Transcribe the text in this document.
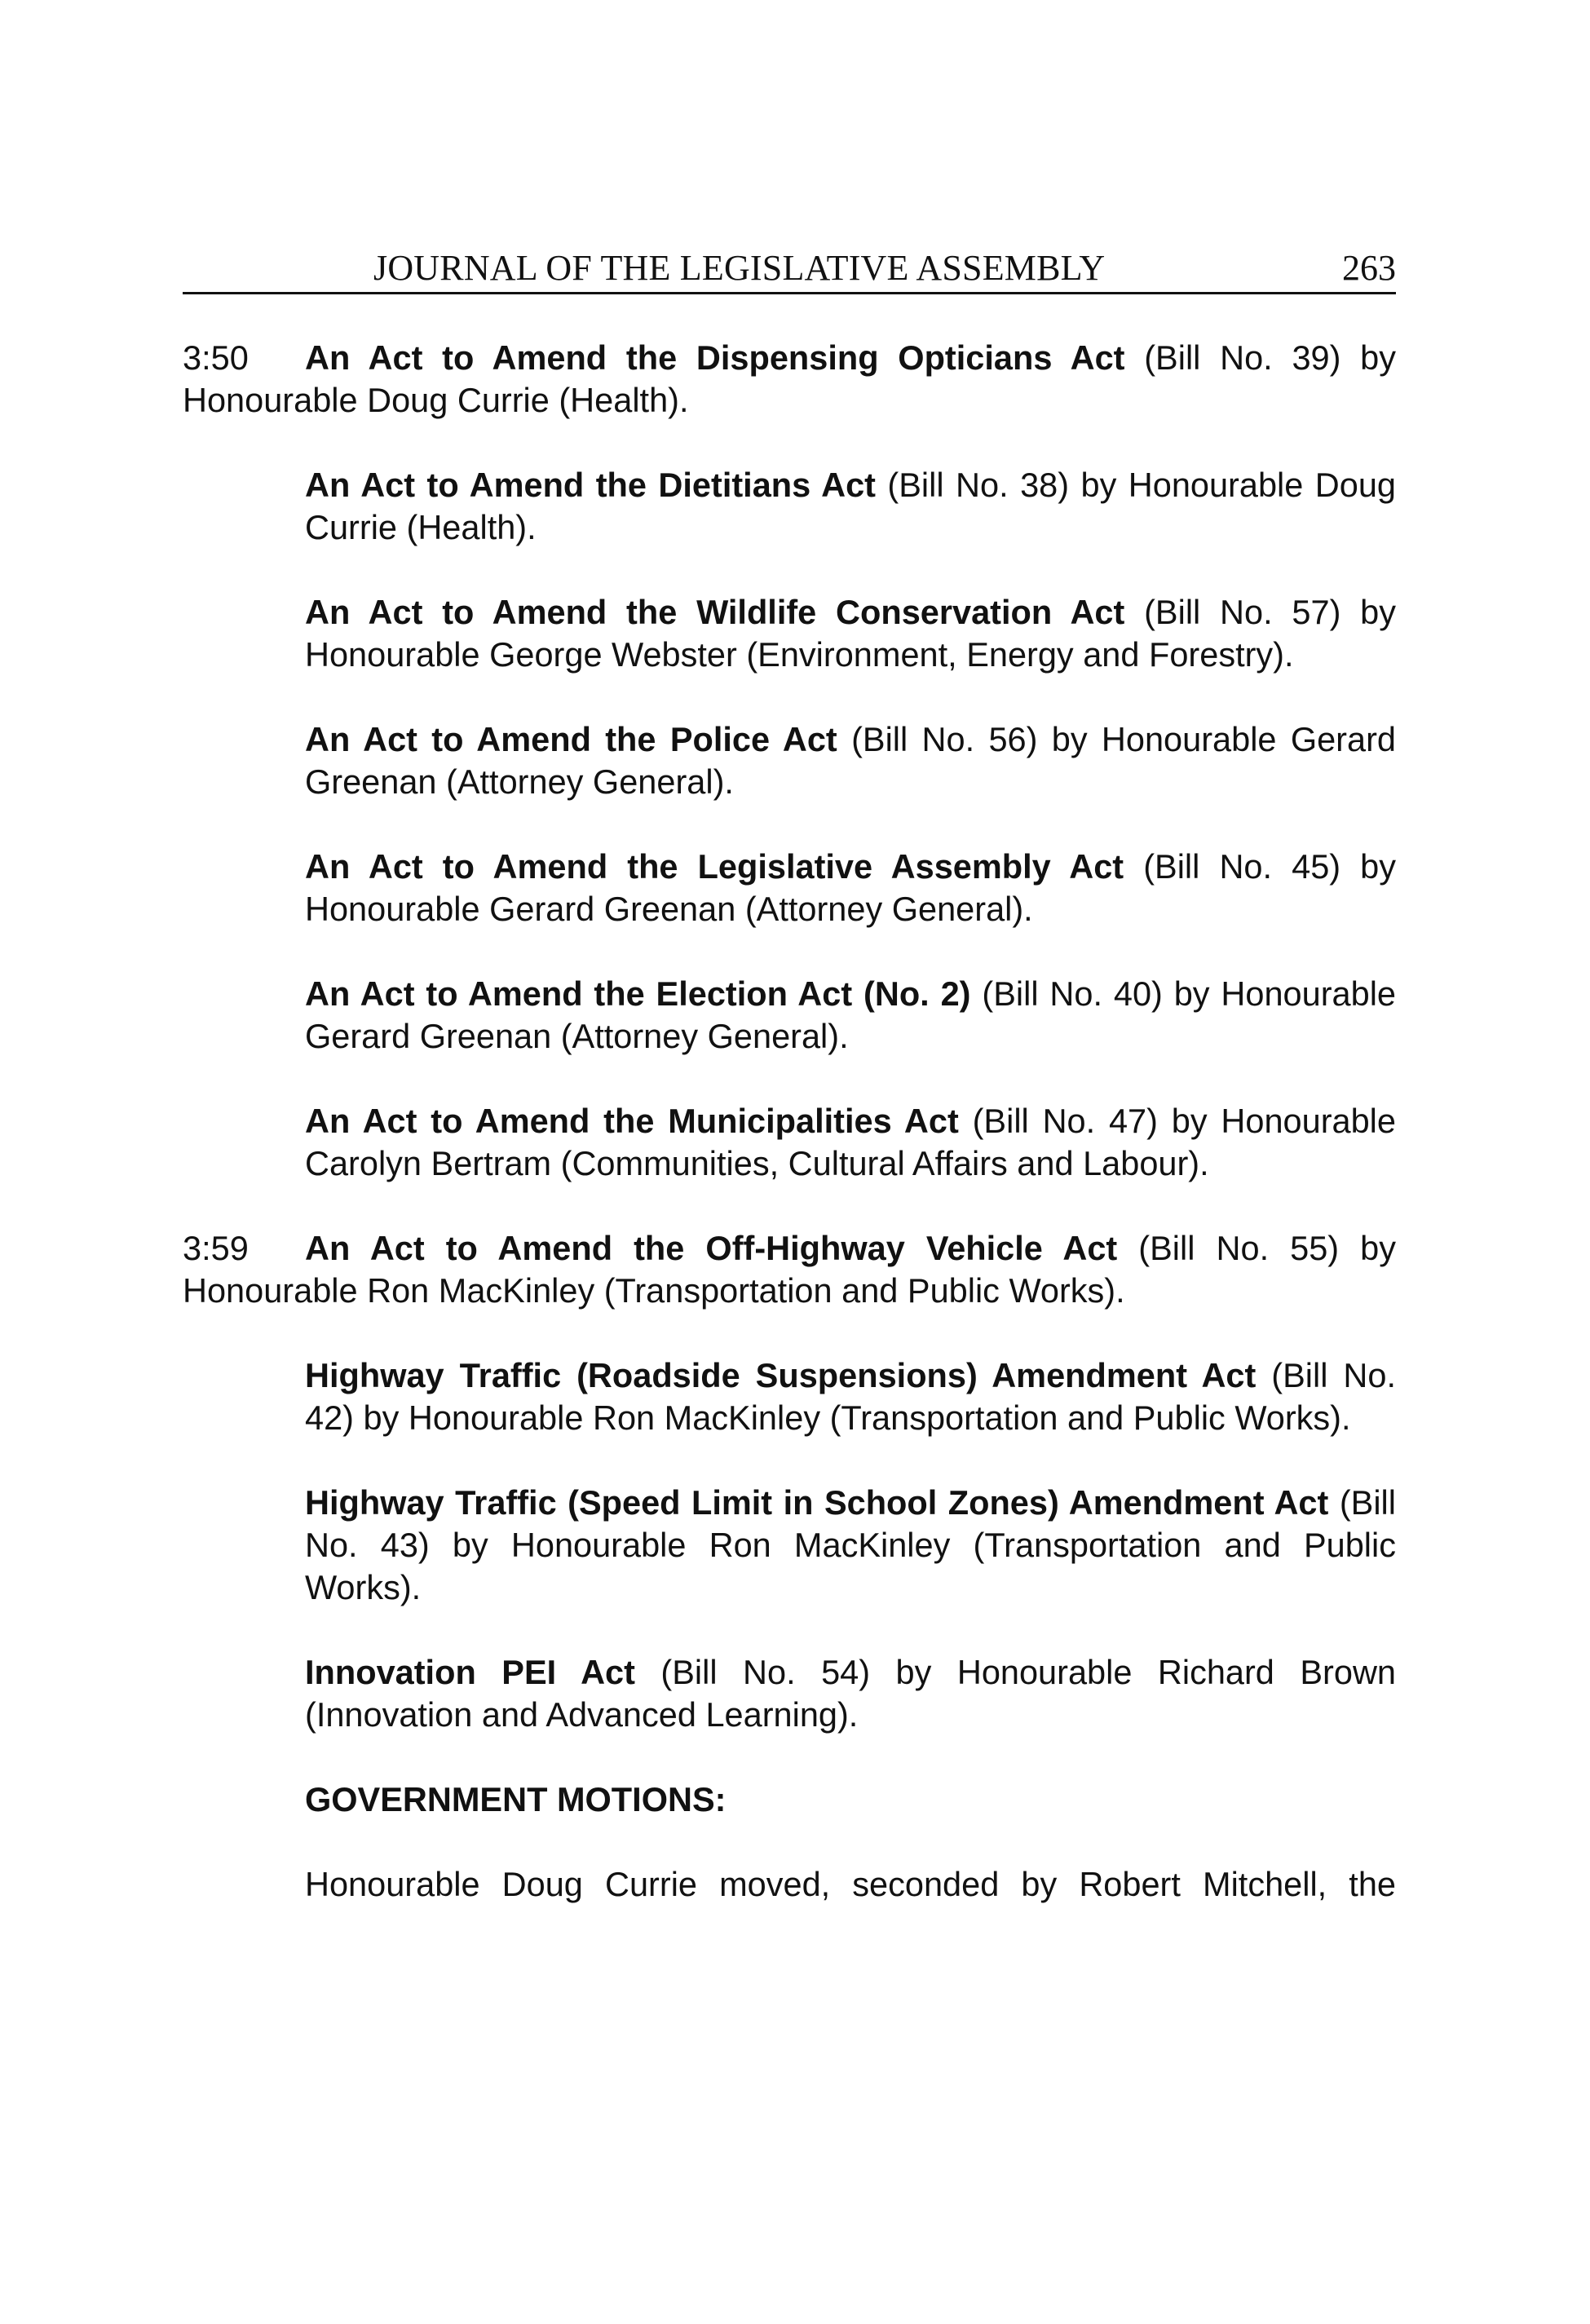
JOURNAL OF THE LEGISLATIVE ASSEMBLY	263

3:50 An Act to Amend the Dispensing Opticians Act (Bill No. 39) by Honourable Doug Currie (Health).

An Act to Amend the Dietitians Act (Bill No. 38) by Honourable Doug Currie (Health).

An Act to Amend the Wildlife Conservation Act (Bill No. 57) by Honourable George Webster (Environment, Energy and Forestry).

An Act to Amend the Police Act (Bill No. 56) by Honourable Gerard Greenan (Attorney General).

An Act to Amend the Legislative Assembly Act (Bill No. 45) by Honourable Gerard Greenan (Attorney General).

An Act to Amend the Election Act (No. 2) (Bill No. 40) by Honourable Gerard Greenan (Attorney General).

An Act to Amend the Municipalities Act (Bill No. 47) by Honourable Carolyn Bertram (Communities, Cultural Affairs and Labour).

3:59 An Act to Amend the Off-Highway Vehicle Act (Bill No. 55) by Honourable Ron MacKinley (Transportation and Public Works).

Highway Traffic (Roadside Suspensions) Amendment Act (Bill No. 42) by Honourable Ron MacKinley (Transportation and Public Works).

Highway Traffic (Speed Limit in School Zones) Amendment Act (Bill No. 43) by Honourable Ron MacKinley (Transportation and Public Works).

Innovation PEI Act (Bill No. 54) by Honourable Richard Brown (Innovation and Advanced Learning).

GOVERNMENT MOTIONS:

Honourable Doug Currie moved, seconded by Robert Mitchell, the
